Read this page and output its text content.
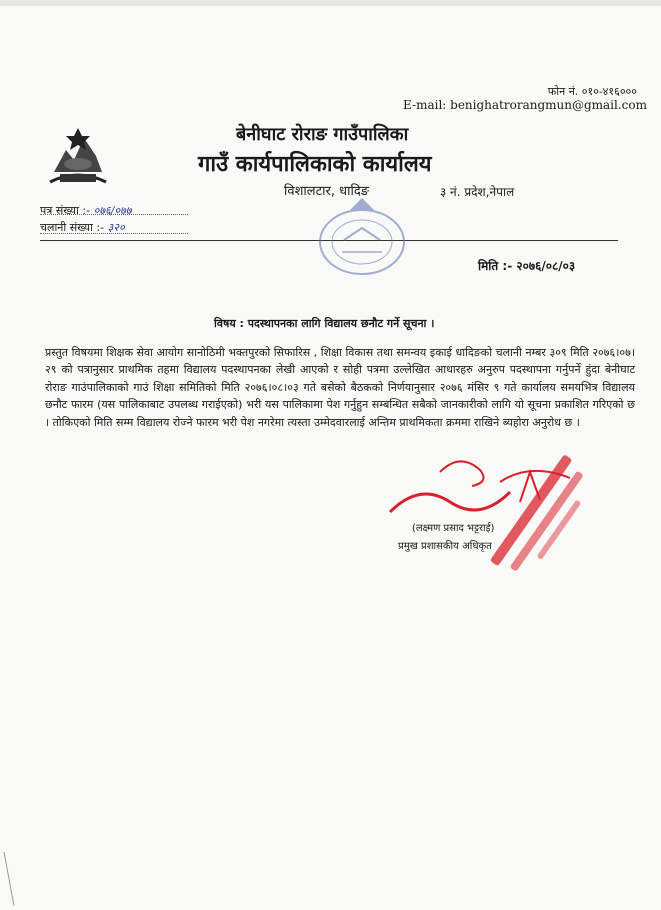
फोन नं. ०१०-४१६०००
E-mail: benighatrorangmun@gmail.com
बेनीघाट रोराङ गाउँपालिका
गाउँ कार्यपालिकाको कार्यालय
विशालटार, धादिङ	३ नं. प्रदेश,नेपाल
पत्र संख्या :- ०७६/०७७
चलानी संख्या :- ३२०
मिति :- २०७६/०८/०३
विषय : पदस्थापनका लागि विद्यालय छनौट गर्ने सूचना ।
प्रस्तुत विषयमा शिक्षक सेवा आयोग सानोठिमी भक्तपुरको सिफारिस , शिक्षा विकास तथा समन्वय इकाई धादिङको चलानी नम्बर ३०९ मिति २०७६।०७।२९ को पत्रानुसार प्राथमिक तहमा विद्यालय पदस्थापनका लेखी आएको र सोही पत्रमा उल्लेखित आधारहरु अनुरुप पदस्थापना गर्नुपर्ने हुंदा बेनीघाट रोराङ गाउंपालिकाको गाउं शिक्षा समितिको मिति २०७६।०८।०३ गते बसेको बैठकको निर्णयानुसार २०७६ मंसिर ९ गते कार्यालय समयभित्र विद्यालय छनौट फारम (यस पालिकाबाट उपलब्ध गराईएको) भरी यस पालिकामा पेश गर्नुहुन सम्बन्धित सबैको जानकारीको लागि यो सूचना प्रकाशित गरिएको छ । तोकिएको मिति सम्म विद्यालय रोज्ने फारम भरी पेश नगरेमा त्यस्ता उम्मेदवारलाई अन्तिम प्राथमिकता क्रममा राखिने ब्यहोरा अनुरोध छ ।
(लक्ष्मण प्रसाद भट्टराई)
प्रमुख प्रशासकीय अधिकृत
